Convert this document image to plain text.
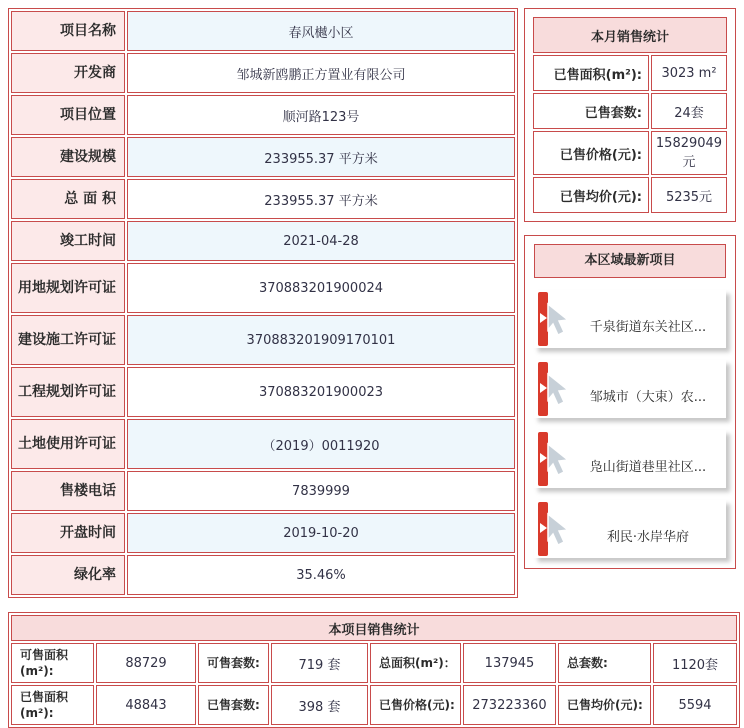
项目名称	春风樾小区
开发商	邹城新鸥鹏正方置业有限公司
项目位置	顺河路123号
建设规模	233955.37 平方米
总 面 积	233955.37 平方米
竣工时间	2021-04-28
用地规划许可证	370883201900024
建设施工许可证	370883201909170101
工程规划许可证	370883201900023
土地使用许可证	（2019）0011920
售楼电话	7839999
开盘时间	2019-10-20
绿化率	35.46%
本月销售统计	
已售面积(m²):	3023 m²
已售套数:	24套
已售价格(元):	15829049元
已售均价(元):	5235元
本区域最新项目
千泉街道东关社区...
邹城市（大束）农...
凫山街道巷里社区...
利民·水岸华府
本项目销售统计							
可售面积(m²):	88729	可售套数:	719 套	总面积(m²)：	137945	总套数:	1120套
已售面积(m²):	48843	已售套数:	398 套	已售价格(元):	273223360	已售均价(元):	5594
